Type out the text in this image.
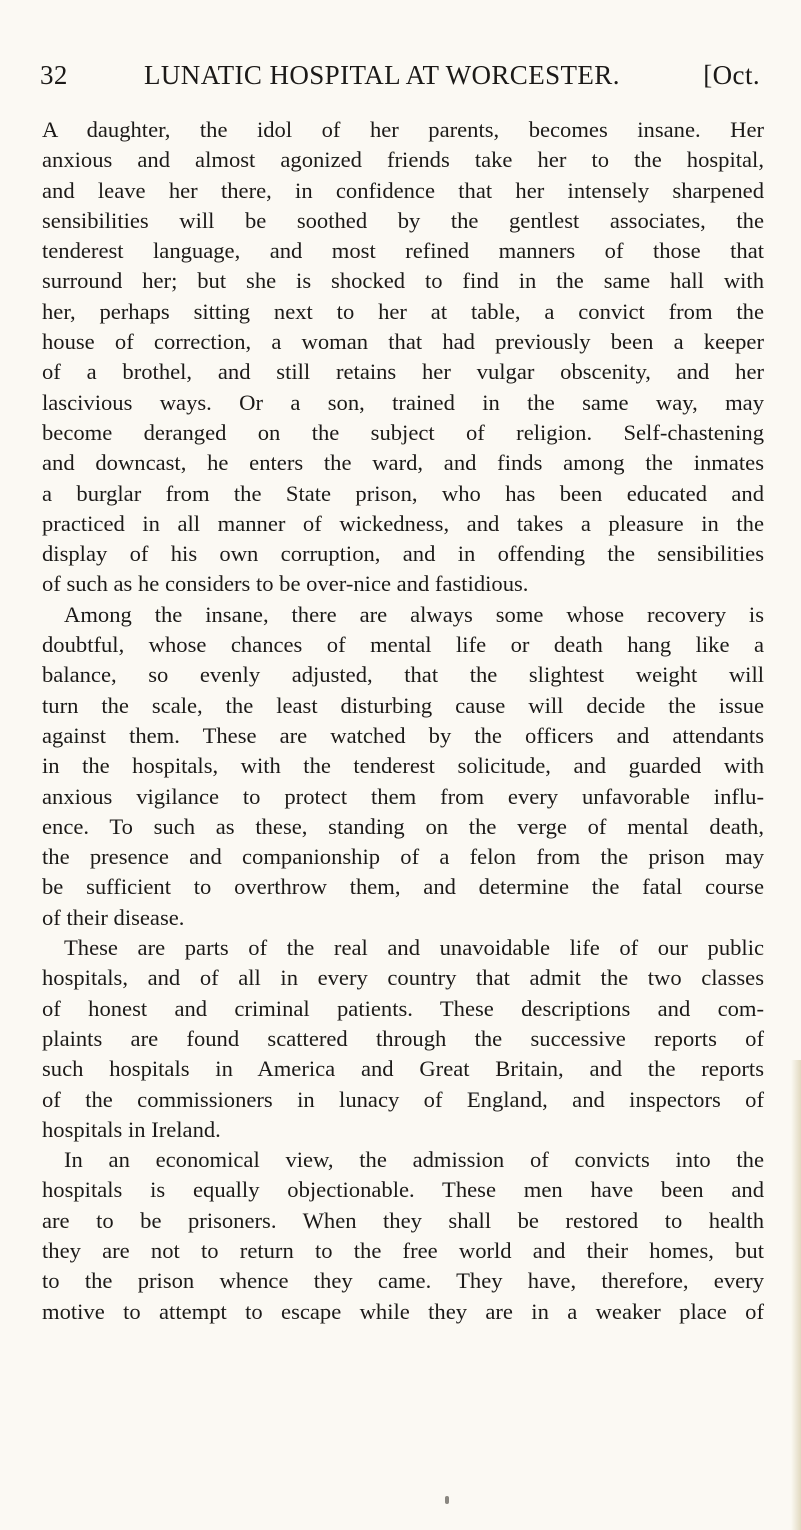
32	LUNATIC HOSPITAL AT WORCESTER.	[Oct.
A daughter, the idol of her parents, becomes insane. Her
anxious and almost agonized friends take her to the hospital,
and leave her there, in confidence that her intensely sharpened
sensibilities will be soothed by the gentlest associates, the
tenderest language, and most refined manners of those that
surround her; but she is shocked to find in the same hall with
her, perhaps sitting next to her at table, a convict from the
house of correction, a woman that had previously been a keeper
of a brothel, and still retains her vulgar obscenity, and her
lascivious ways. Or a son, trained in the same way, may
become deranged on the subject of religion. Self-chastening
and downcast, he enters the ward, and finds among the inmates
a burglar from the State prison, who has been educated and
practiced in all manner of wickedness, and takes a pleasure in the
display of his own corruption, and in offending the sensibilities
of such as he considers to be over-nice and fastidious.
Among the insane, there are always some whose recovery is
doubtful, whose chances of mental life or death hang like a
balance, so evenly adjusted, that the slightest weight will
turn the scale, the least disturbing cause will decide the issue
against them. These are watched by the officers and attendants
in the hospitals, with the tenderest solicitude, and guarded with
anxious vigilance to protect them from every unfavorable influ-
ence. To such as these, standing on the verge of mental death,
the presence and companionship of a felon from the prison may
be sufficient to overthrow them, and determine the fatal course
of their disease.
These are parts of the real and unavoidable life of our public
hospitals, and of all in every country that admit the two classes
of honest and criminal patients. These descriptions and com-
plaints are found scattered through the successive reports of
such hospitals in America and Great Britain, and the reports
of the commissioners in lunacy of England, and inspectors of
hospitals in Ireland.
In an economical view, the admission of convicts into the
hospitals is equally objectionable. These men have been and
are to be prisoners. When they shall be restored to health
they are not to return to the free world and their homes, but
to the prison whence they came. They have, therefore, every
motive to attempt to escape while they are in a weaker place of
